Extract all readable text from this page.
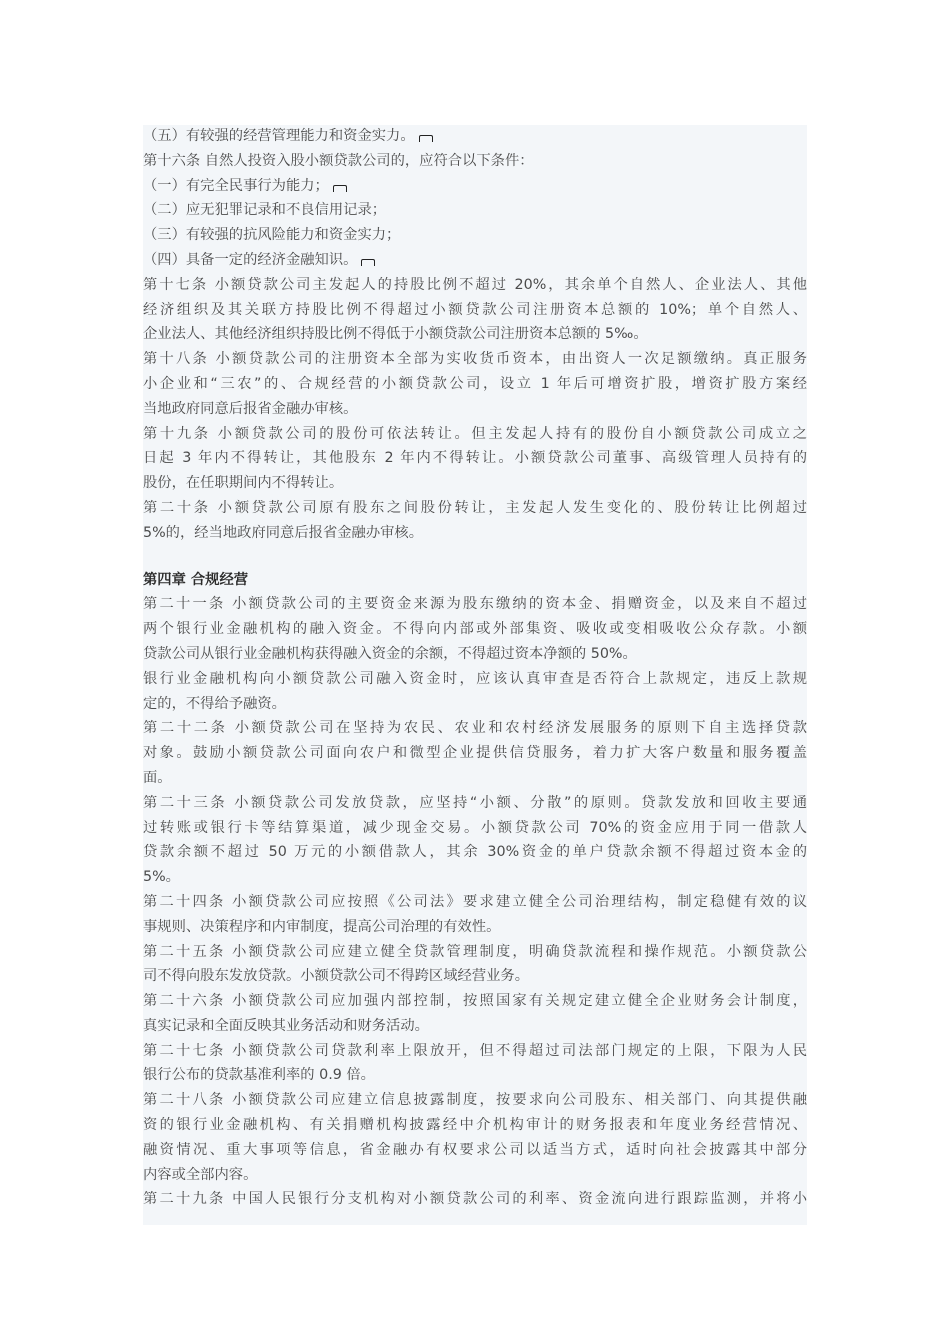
（五）有较强的经营管理能力和资金实力。
第十六条 自然人投资入股小额贷款公司的，应符合以下条件：
（一）有完全民事行为能力；
（二）应无犯罪记录和不良信用记录；
（三）有较强的抗风险能力和资金实力；
（四）具备一定的经济金融知识。
第十七条 小额贷款公司主发起人的持股比例不超过 20%，其余单个自然人、企业法人、其他
经济组织及其关联方持股比例不得超过小额贷款公司注册资本总额的 10%；单个自然人、
企业法人、其他经济组织持股比例不得低于小额贷款公司注册资本总额的 5‰。
第十八条 小额贷款公司的注册资本全部为实收货币资本，由出资人一次足额缴纳。真正服务
小企业和“三农”的、合规经营的小额贷款公司，设立 1 年后可增资扩股，增资扩股方案经
当地政府同意后报省金融办审核。
第十九条 小额贷款公司的股份可依法转让。但主发起人持有的股份自小额贷款公司成立之
日起 3 年内不得转让，其他股东 2 年内不得转让。小额贷款公司董事、高级管理人员持有的
股份，在任职期间内不得转让。
第二十条 小额贷款公司原有股东之间股份转让，主发起人发生变化的、股份转让比例超过
5%的，经当地政府同意后报省金融办审核。
第四章 合规经营
第二十一条 小额贷款公司的主要资金来源为股东缴纳的资本金、捐赠资金，以及来自不超过
两个银行业金融机构的融入资金。不得向内部或外部集资、吸收或变相吸收公众存款。小额
贷款公司从银行业金融机构获得融入资金的余额，不得超过资本净额的 50%。
银行业金融机构向小额贷款公司融入资金时，应该认真审查是否符合上款规定，违反上款规
定的，不得给予融资。
第二十二条 小额贷款公司在坚持为农民、农业和农村经济发展服务的原则下自主选择贷款
对象。鼓励小额贷款公司面向农户和微型企业提供信贷服务，着力扩大客户数量和服务覆盖
面。
第二十三条 小额贷款公司发放贷款，应坚持“小额、分散”的原则。贷款发放和回收主要通
过转账或银行卡等结算渠道，减少现金交易。小额贷款公司 70%的资金应用于同一借款人
贷款余额不超过 50 万元的小额借款人，其余 30%资金的单户贷款余额不得超过资本金的
5%。
第二十四条 小额贷款公司应按照《公司法》要求建立健全公司治理结构，制定稳健有效的议
事规则、决策程序和内审制度，提高公司治理的有效性。
第二十五条 小额贷款公司应建立健全贷款管理制度，明确贷款流程和操作规范。小额贷款公
司不得向股东发放贷款。小额贷款公司不得跨区域经营业务。
第二十六条 小额贷款公司应加强内部控制，按照国家有关规定建立健全企业财务会计制度，
真实记录和全面反映其业务活动和财务活动。
第二十七条 小额贷款公司贷款利率上限放开，但不得超过司法部门规定的上限，下限为人民
银行公布的贷款基准利率的 0.9 倍。
第二十八条 小额贷款公司应建立信息披露制度，按要求向公司股东、相关部门、向其提供融
资的银行业金融机构、有关捐赠机构披露经中介机构审计的财务报表和年度业务经营情况、
融资情况、重大事项等信息，省金融办有权要求公司以适当方式，适时向社会披露其中部分
内容或全部内容。
第二十九条 中国人民银行分支机构对小额贷款公司的利率、资金流向进行跟踪监测，并将小
